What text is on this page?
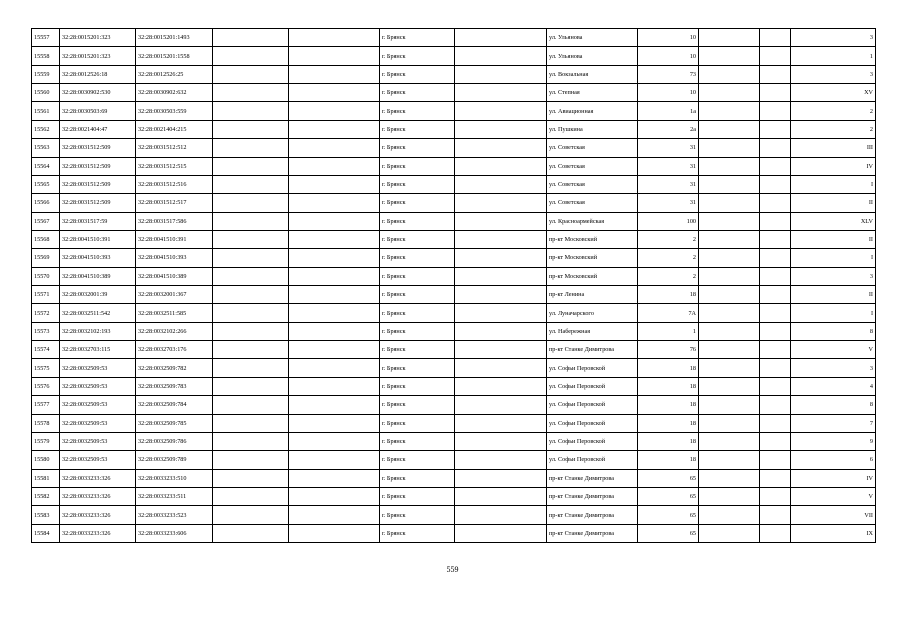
15557	32:28:0015201:323	32:28:0015201:1493			г. Брянск		ул. Ульянова	10			3
15558	32:28:0015201:323	32:28:0015201:1558			г. Брянск		ул. Ульянова	10			1
15559	32:28:0012526:18	32:28:0012526:25			г. Брянск		ул. Вокзальная	73			3
15560	32:28:0030902:530	32:28:0030902:632			г. Брянск		ул. Степная	10			XV
15561	32:28:0030503:69	32:28:0030503:559			г. Брянск		ул. Авиационная	1а			2
15562	32:28:0021404:47	32:28:0021404:215			г. Брянск		ул. Пушкина	2а			2
15563	32:28:0031512:509	32:28:0031512:512			г. Брянск		ул. Советская	31			III
15564	32:28:0031512:509	32:28:0031512:515			г. Брянск		ул. Советская	31			IV
15565	32:28:0031512:509	32:28:0031512:516			г. Брянск		ул. Советская	31			I
15566	32:28:0031512:509	32:28:0031512:517			г. Брянск		ул. Советская	31			II
15567	32:28:0031517:59	32:28:0031517:586			г. Брянск		ул. Красноармейская	100			XLV
15568	32:28:0041510:391	32:28:0041510:391			г. Брянск		пр-кт Московский	2			II
15569	32:28:0041510:393	32:28:0041510:393			г. Брянск		пр-кт Московский	2			I
15570	32:28:0041510:389	32:28:0041510:389			г. Брянск		пр-кт Московский	2			3
15571	32:28:0032001:39	32:28:0032001:367			г. Брянск		пр-кт Ленина	18			II
15572	32:28:0032511:542	32:28:0032511:585			г. Брянск		ул. Луначарского	7А			I
15573	32:28:0032102:193	32:28:0032102:266			г. Брянск		ул. Набережная	1			8
15574	32:28:0032703:115	32:28:0032703:176			г. Брянск		пр-кт Станке Димитрова	76			V
15575	32:28:0032509:53	32:28:0032509:782			г. Брянск		ул. Софьи Перовской	18			3
15576	32:28:0032509:53	32:28:0032509:783			г. Брянск		ул. Софьи Перовской	18			4
15577	32:28:0032509:53	32:28:0032509:784			г. Брянск		ул. Софьи Перовской	18			8
15578	32:28:0032509:53	32:28:0032509:785			г. Брянск		ул. Софьи Перовской	18			7
15579	32:28:0032509:53	32:28:0032509:786			г. Брянск		ул. Софьи Перовской	18			9
15580	32:28:0032509:53	32:28:0032509:789			г. Брянск		ул. Софьи Перовской	18			6
15581	32:28:0033233:326	32:28:0033233:510			г. Брянск		пр-кт Станке Димитрова	65			IV
15582	32:28:0033233:326	32:28:0033233:511			г. Брянск		пр-кт Станке Димитрова	65			V
15583	32:28:0033233:326	32:28:0033233:523			г. Брянск		пр-кт Станке Димитрова	65			VII
15584	32:28:0033233:326	32:28:0033233:606			г. Брянск		пр-кт Станке Димитрова	65			IX
559
